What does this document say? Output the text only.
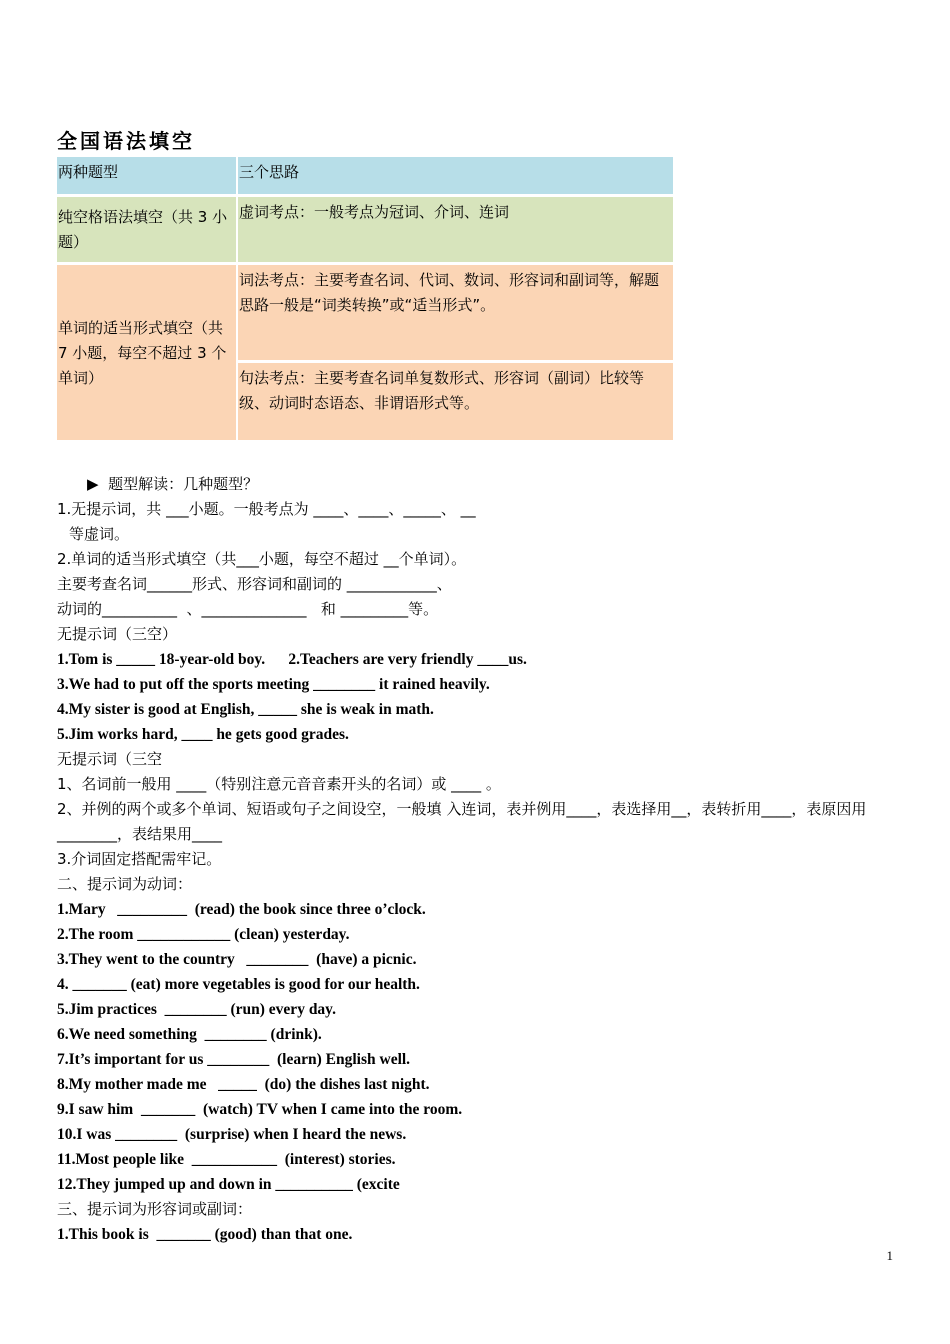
全国语法填空
两种题型	三个思路
纯空格语法填空（共 3 小题）	虚词考点：一般考点为冠词、介词、连词
单词的适当形式填空（共 7 小题，每空不超过 3 个单词）	词法考点：主要考查名词、代词、数词、形容词和副词等，解题思路一般是“词类转换”或“适当形式”。
	句法考点：主要考查名词单复数形式、形容词（副词）比较等级、动词时态语态、非谓语形式等。

▶  题型解读：几种题型？

1.无提示词，共 ___小题。一般考点为 ____、____、_____、 __

等虚词。

2.单词的适当形式填空（共___小题，每空不超过 __个单词）。

主要考查名词______形式、形容词和副词的 ____________、

动词的__________  、______________   和 _________等。

无提示词（三空）

1.Tom is _____ 18-year-old boy.      2.Teachers are very friendly ____us.

3.We had to put off the sports meeting ________ it rained heavily.

4.My sister is good at English, _____ she is weak in math.

5.Jim works hard, ____ he gets good grades.

无提示词（三空

1、名词前一般用 ____（特别注意元音音素开头的名词）或 ____ 。

2、并例的两个或多个单词、短语或句子之间设空，一般填 入连词，表并例用____，表选择用__，表转折用____，表原因用________，表结果用____

3.介词固定搭配需牢记。

二、提示词为动词：

1.Mary   _________  (read) the book since three o’clock.

2.The room ____________ (clean) yesterday.

3.They went to the country   ________  (have) a picnic.

4. _______ (eat) more vegetables is good for our health.

5.Jim practices  ________ (run) every day.

6.We need something  ________ (drink).

7.It’s important for us ________  (learn) English well.

8.My mother made me   _____  (do) the dishes last night.

9.I saw him  _______  (watch) TV when I came into the room.

10.I was ________  (surprise) when I heard the news.

11.Most people like  ___________  (interest) stories.

12.They jumped up and down in __________ (excite

三、提示词为形容词或副词：

1.This book is  _______ (good) than that one.

1
